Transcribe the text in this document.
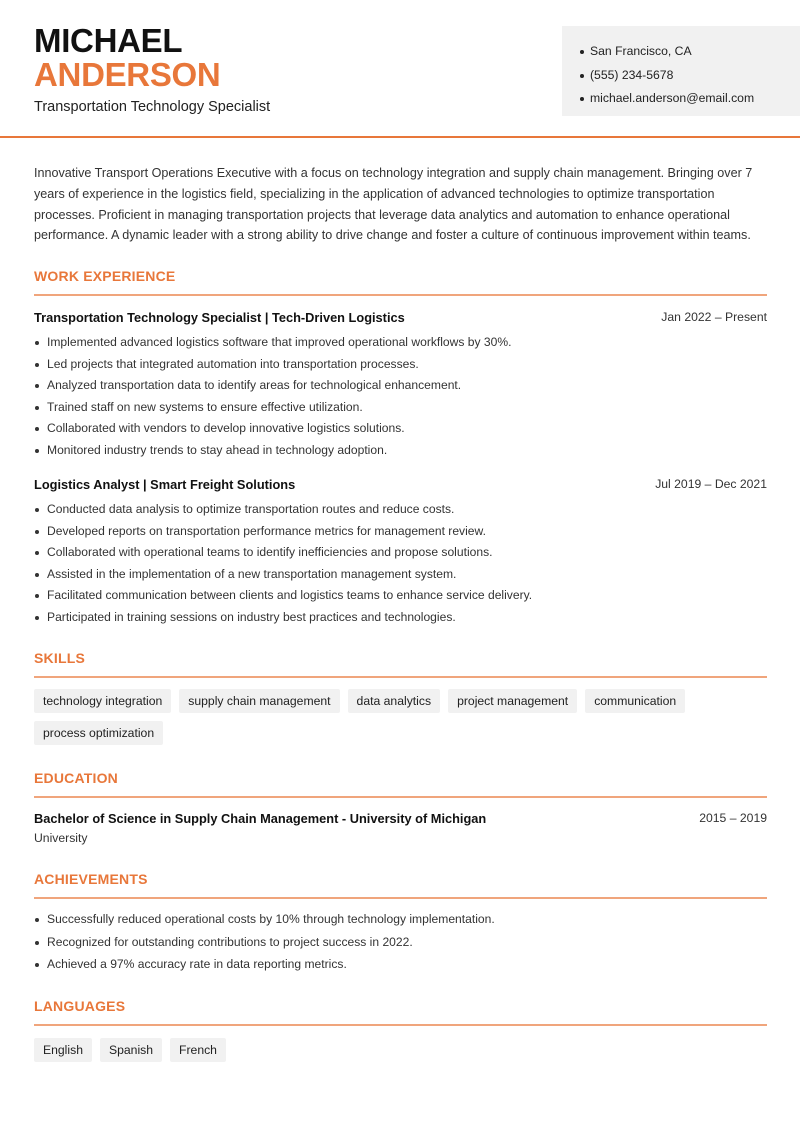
MICHAEL
ANDERSON
Transportation Technology Specialist
San Francisco, CA
(555) 234-5678
michael.anderson@email.com

Innovative Transport Operations Executive with a focus on technology integration and supply chain management. Bringing over 7 years of experience in the logistics field, specializing in the application of advanced technologies to optimize transportation processes. Proficient in managing transportation projects that leverage data analytics and automation to enhance operational performance. A dynamic leader with a strong ability to drive change and foster a culture of continuous improvement within teams.

WORK EXPERIENCE
Transportation Technology Specialist | Tech-Driven Logistics	Jan 2022 – Present
Implemented advanced logistics software that improved operational workflows by 30%.
Led projects that integrated automation into transportation processes.
Analyzed transportation data to identify areas for technological enhancement.
Trained staff on new systems to ensure effective utilization.
Collaborated with vendors to develop innovative logistics solutions.
Monitored industry trends to stay ahead in technology adoption.
Logistics Analyst | Smart Freight Solutions	Jul 2019 – Dec 2021
Conducted data analysis to optimize transportation routes and reduce costs.
Developed reports on transportation performance metrics for management review.
Collaborated with operational teams to identify inefficiencies and propose solutions.
Assisted in the implementation of a new transportation management system.
Facilitated communication between clients and logistics teams to enhance service delivery.
Participated in training sessions on industry best practices and technologies.
SKILLS
technology integration	supply chain management	data analytics	project management	communication
process optimization
EDUCATION
Bachelor of Science in Supply Chain Management - University of Michigan	2015 – 2019
University
ACHIEVEMENTS
Successfully reduced operational costs by 10% through technology implementation.
Recognized for outstanding contributions to project success in 2022.
Achieved a 97% accuracy rate in data reporting metrics.
LANGUAGES
English	Spanish	French
